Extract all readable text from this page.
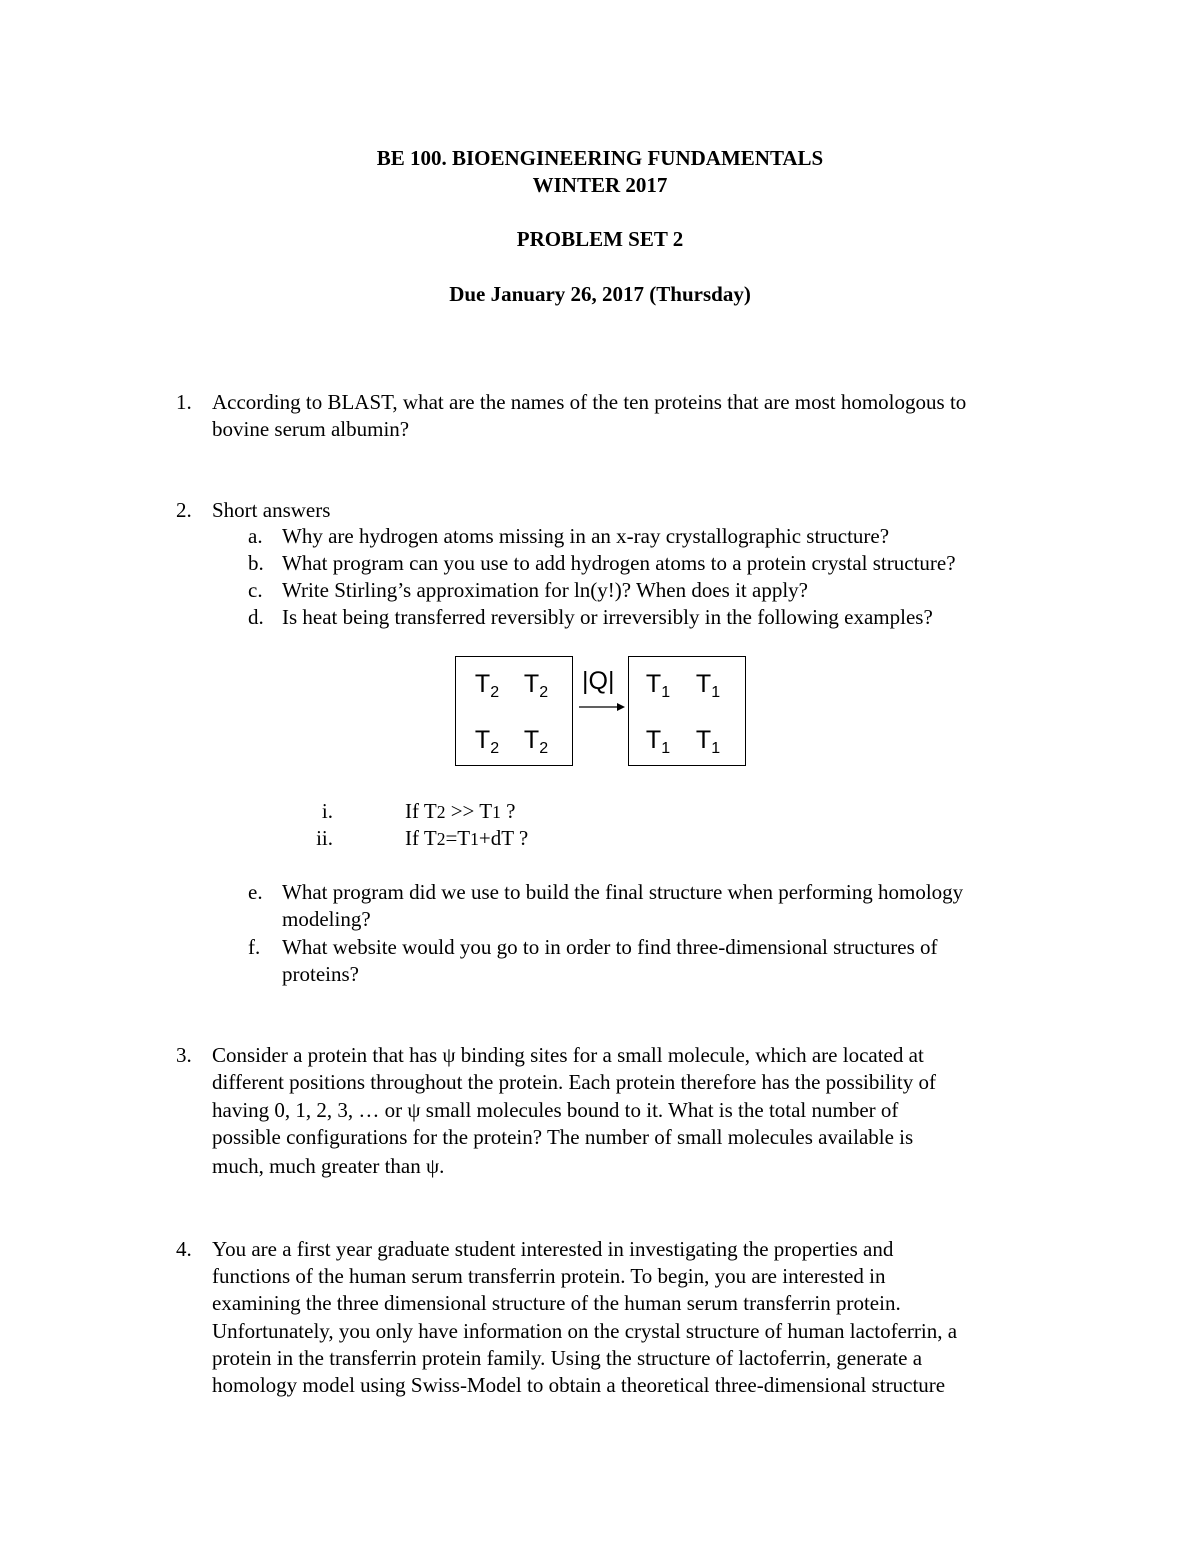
BE 100. BIOENGINEERING FUNDAMENTALS
WINTER 2017
PROBLEM SET 2
Due January 26, 2017 (Thursday)
1. According to BLAST, what are the names of the ten proteins that are most homologous to
bovine serum albumin?
2. Short answers
a. Why are hydrogen atoms missing in an x-ray crystallographic structure?
b. What program can you use to add hydrogen atoms to a protein crystal structure?
c. Write Stirling’s approximation for ln(y!)? When does it apply?
d. Is heat being transferred reversibly or irreversibly in the following examples?
$T_2$ $T_2$
$T_2$ $T_2$
|Q|	$T_1$	$T_1$
$T_1$	$T_1$
i.	If T2 >> T1 ?
ii.	If T2=T1+dT ?
e. What program did we use to build the final structure when performing homology
modeling?
f. What website would you go to in order to find three-dimensional structures of
proteins?
3. Consider a protein that has ψ binding sites for a small molecule, which are located at
different positions throughout the protein. Each protein therefore has the possibility of
having 0, 1, 2, 3, … or ψ small molecules bound to it. What is the total number of
possible configurations for the protein? The number of small molecules available is
much, much greater than ψ.
4. You are a first year graduate student interested in investigating the properties and
functions of the human serum transferrin protein. To begin, you are interested in
examining the three dimensional structure of the human serum transferrin protein.
Unfortunately, you only have information on the crystal structure of human lactoferrin, a
protein in the transferrin protein family. Using the structure of lactoferrin, generate a
homology model using Swiss-Model to obtain a theoretical three-dimensional structure
